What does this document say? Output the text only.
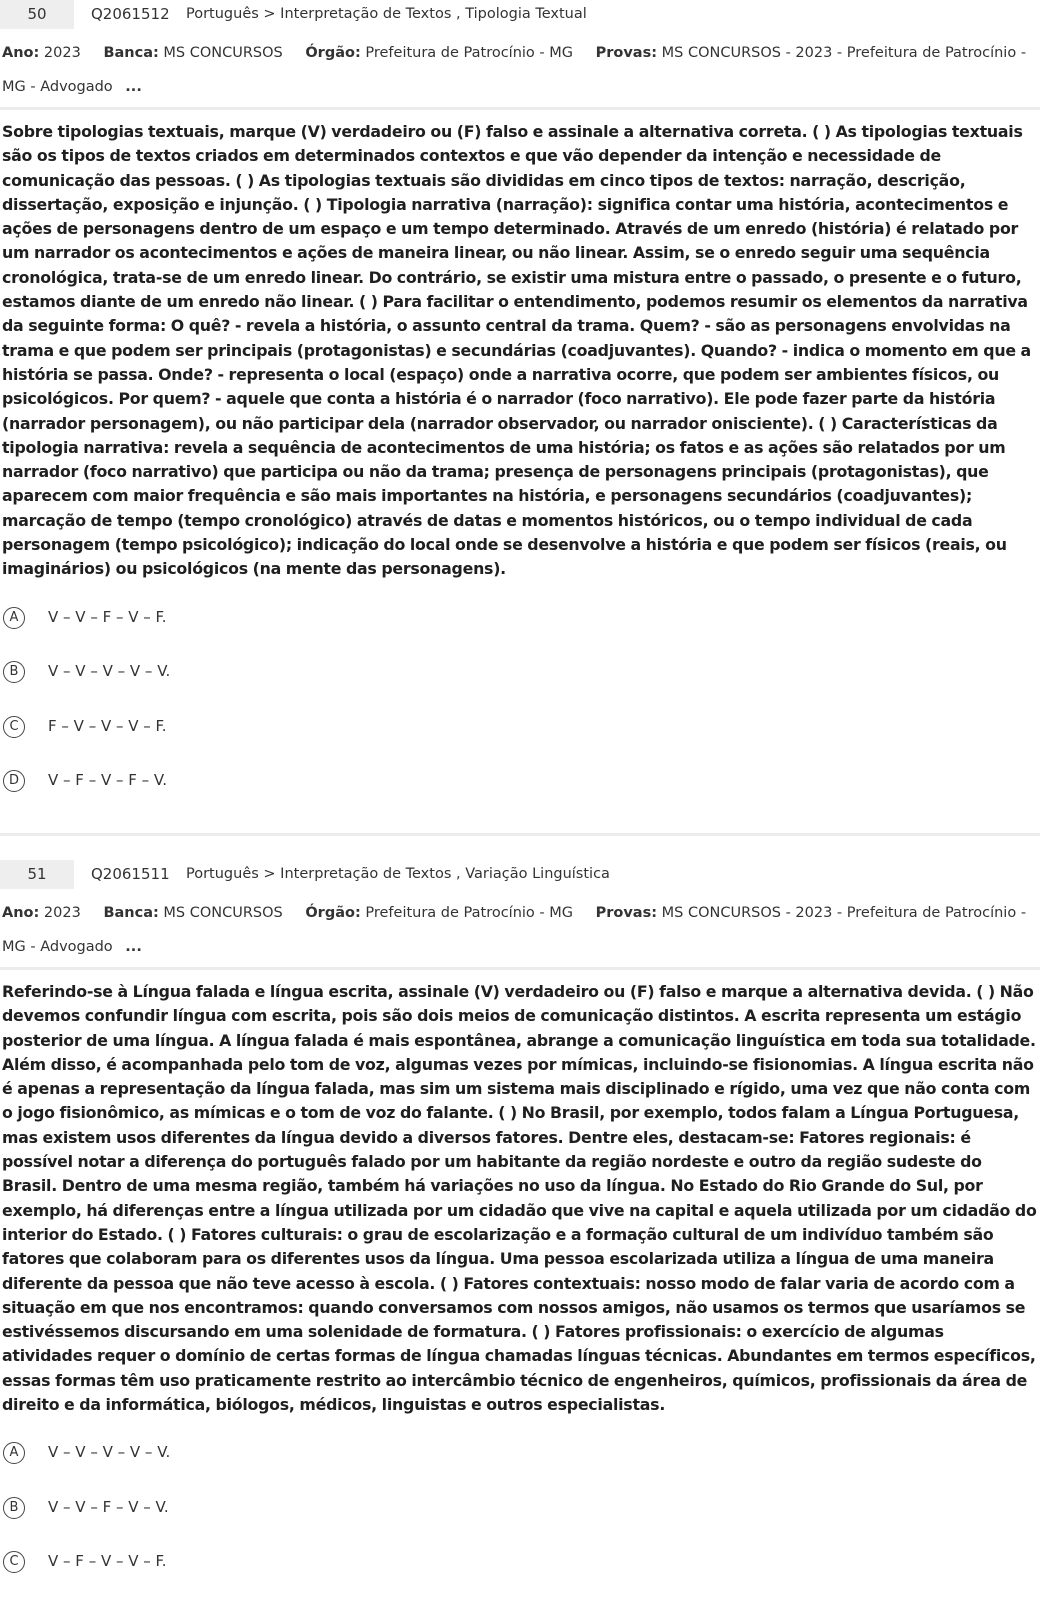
50	Q2061512 Português > Interpretação de Textos , Tipologia Textual
Ano: 2023 Banca: MS CONCURSOS Órgão: Prefeitura de Patrocínio - MG Provas: MS CONCURSOS - 2023 - Prefeitura de Patrocínio - MG - Advogado ...
Sobre tipologias textuais, marque (V) verdadeiro ou (F) falso e assinale a alternativa correta. ( ) As tipologias textuais são os tipos de textos criados em determinados contextos e que vão depender da intenção e necessidade de comunicação das pessoas. ( ) As tipologias textuais são divididas em cinco tipos de textos: narração, descrição, dissertação, exposição e injunção. ( ) Tipologia narrativa (narração): significa contar uma história, acontecimentos e ações de personagens dentro de um espaço e um tempo determinado. Através de um enredo (história) é relatado por um narrador os acontecimentos e ações de maneira linear, ou não linear. Assim, se o enredo seguir uma sequência cronológica, trata-se de um enredo linear. Do contrário, se existir uma mistura entre o passado, o presente e o futuro, estamos diante de um enredo não linear. ( ) Para facilitar o entendimento, podemos resumir os elementos da narrativa da seguinte forma: O quê? - revela a história, o assunto central da trama. Quem? - são as personagens envolvidas na trama e que podem ser principais (protagonistas) e secundárias (coadjuvantes). Quando? - indica o momento em que a história se passa. Onde? - representa o local (espaço) onde a narrativa ocorre, que podem ser ambientes físicos, ou psicológicos. Por quem? - aquele que conta a história é o narrador (foco narrativo). Ele pode fazer parte da história (narrador personagem), ou não participar dela (narrador observador, ou narrador onisciente). ( ) Características da tipologia narrativa: revela a sequência de acontecimentos de uma história; os fatos e as ações são relatados por um narrador (foco narrativo) que participa ou não da trama; presença de personagens principais (protagonistas), que aparecem com maior frequência e são mais importantes na história, e personagens secundários (coadjuvantes); marcação de tempo (tempo cronológico) através de datas e momentos históricos, ou o tempo individual de cada personagem (tempo psicológico); indicação do local onde se desenvolve a história e que podem ser físicos (reais, ou imaginários) ou psicológicos (na mente das personagens).
A	V – V – F – V – F.
B	V – V – V – V – V.
C	F – V – V – V – F.
D	V – F – V – F – V.
51	Q2061511 Português > Interpretação de Textos , Variação Linguística
Ano: 2023 Banca: MS CONCURSOS Órgão: Prefeitura de Patrocínio - MG Provas: MS CONCURSOS - 2023 - Prefeitura de Patrocínio - MG - Advogado ...
Referindo-se à Língua falada e língua escrita, assinale (V) verdadeiro ou (F) falso e marque a alternativa devida. ( ) Não devemos confundir língua com escrita, pois são dois meios de comunicação distintos. A escrita representa um estágio posterior de uma língua. A língua falada é mais espontânea, abrange a comunicação linguística em toda sua totalidade. Além disso, é acompanhada pelo tom de voz, algumas vezes por mímicas, incluindo-se fisionomias. A língua escrita não é apenas a representação da língua falada, mas sim um sistema mais disciplinado e rígido, uma vez que não conta com o jogo fisionômico, as mímicas e o tom de voz do falante. ( ) No Brasil, por exemplo, todos falam a Língua Portuguesa, mas existem usos diferentes da língua devido a diversos fatores. Dentre eles, destacam-se: Fatores regionais: é possível notar a diferença do português falado por um habitante da região nordeste e outro da região sudeste do Brasil. Dentro de uma mesma região, também há variações no uso da língua. No Estado do Rio Grande do Sul, por exemplo, há diferenças entre a língua utilizada por um cidadão que vive na capital e aquela utilizada por um cidadão do interior do Estado. ( ) Fatores culturais: o grau de escolarização e a formação cultural de um indivíduo também são fatores que colaboram para os diferentes usos da língua. Uma pessoa escolarizada utiliza a língua de uma maneira diferente da pessoa que não teve acesso à escola. ( ) Fatores contextuais: nosso modo de falar varia de acordo com a situação em que nos encontramos: quando conversamos com nossos amigos, não usamos os termos que usaríamos se estivéssemos discursando em uma solenidade de formatura. ( ) Fatores profissionais: o exercício de algumas atividades requer o domínio de certas formas de língua chamadas línguas técnicas. Abundantes em termos específicos, essas formas têm uso praticamente restrito ao intercâmbio técnico de engenheiros, químicos, profissionais da área de direito e da informática, biólogos, médicos, linguistas e outros especialistas.
A	V – V – V – V – V.
B	V – V – F – V – V.
C	V – F – V – V – F.
